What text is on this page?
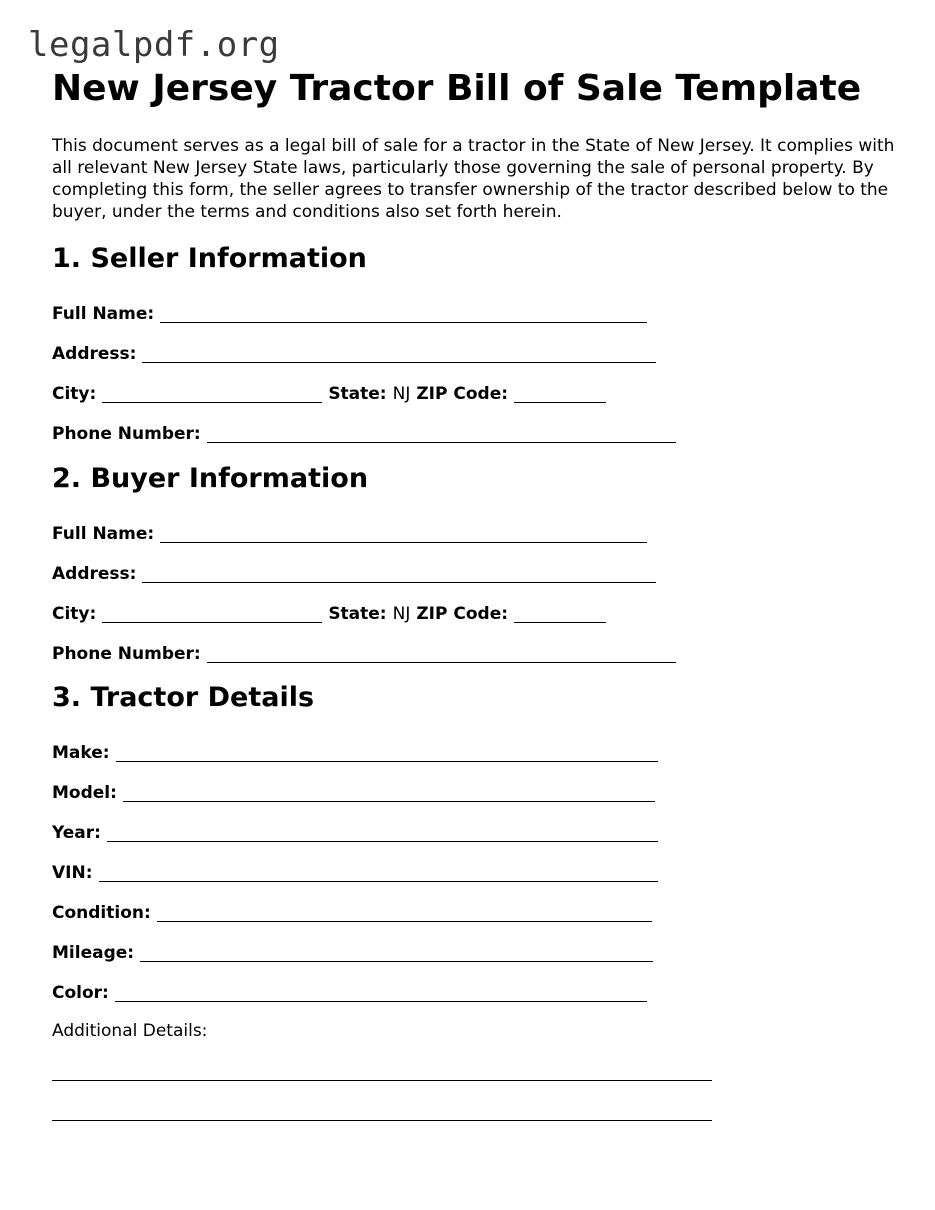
legalpdf.org
New Jersey Tractor Bill of Sale Template

This document serves as a legal bill of sale for a tractor in the State of New Jersey. It complies with all relevant New Jersey State laws, particularly those governing the sale of personal property. By completing this form, the seller agrees to transfer ownership of the tractor described below to the buyer, under the terms and conditions also set forth herein.

1. Seller Information
Full Name:
Address:
City:	State: NJ ZIP Code:
Phone Number:
2. Buyer Information
Full Name:
Address:
City:	State: NJ ZIP Code:
Phone Number:
3. Tractor Details
Make:
Model:
Year:
VIN:
Condition:
Mileage:
Color:
Additional Details:
